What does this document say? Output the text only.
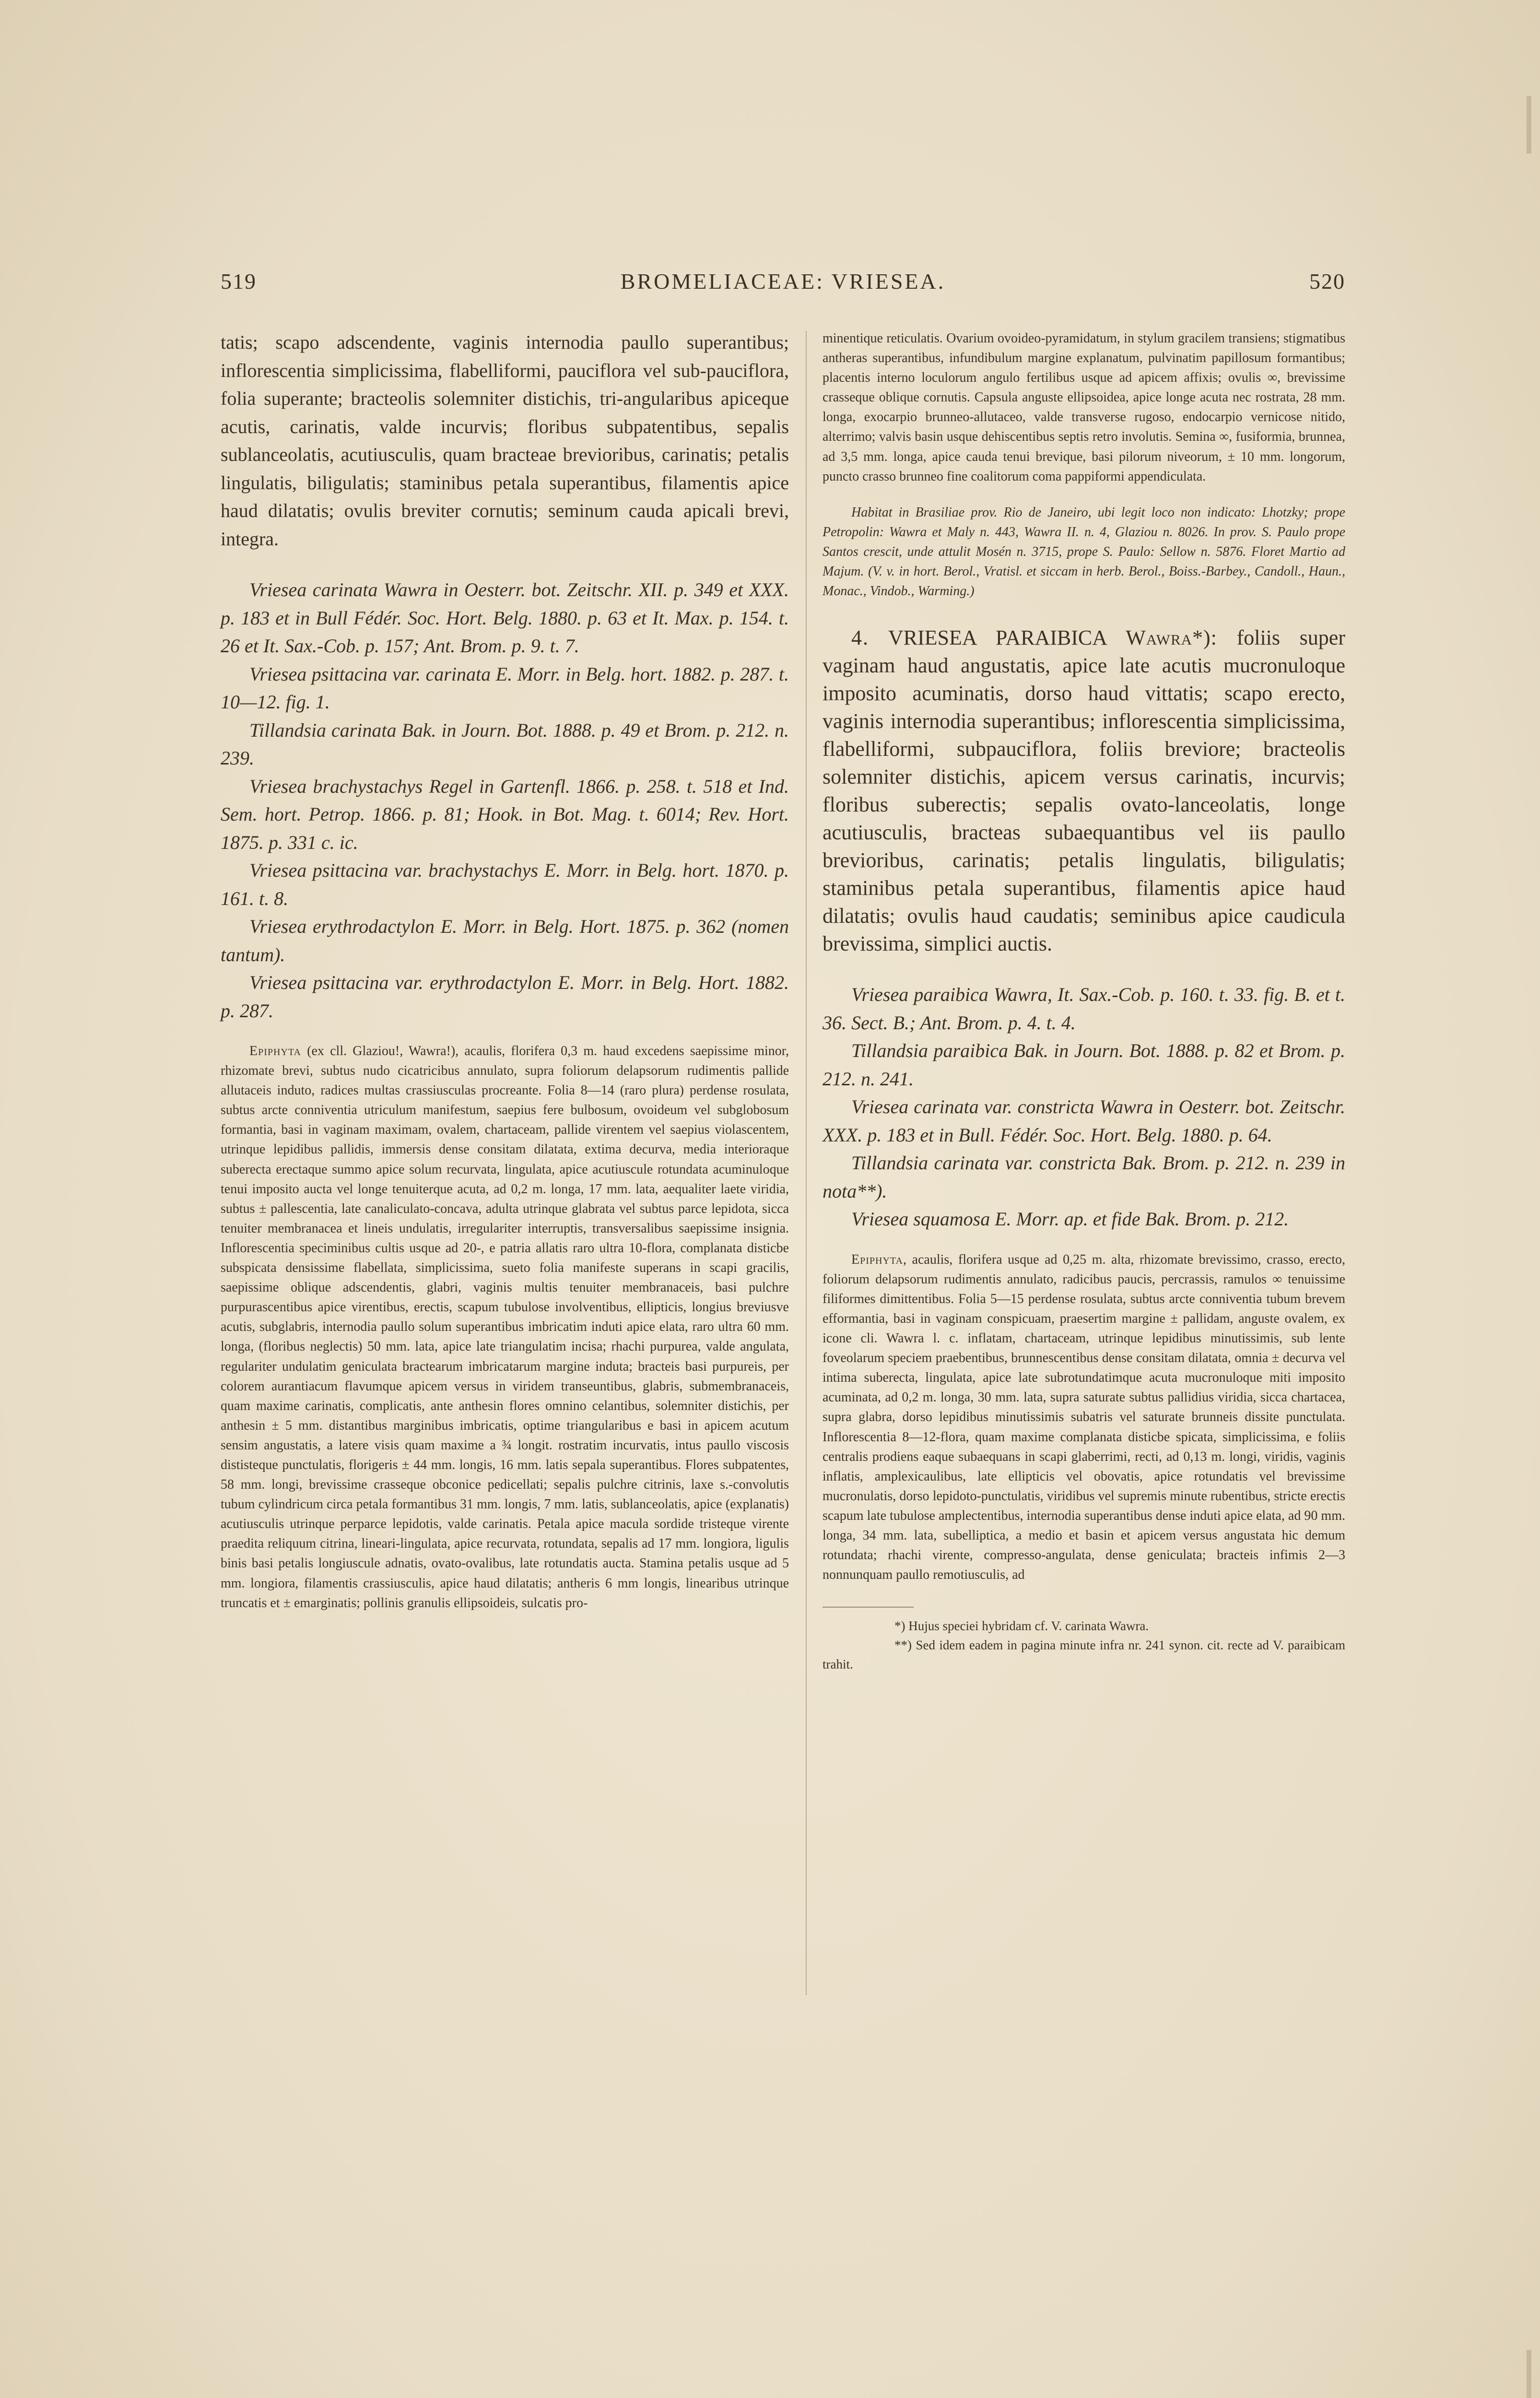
519	BROMELIACEAE: VRIESEA.	520

tatis; scapo adscendente, vaginis internodia paullo superantibus; inflorescentia simplicissima, flabelliformi, pauciflora vel sub-pauciflora, folia superante; bracteolis solemniter distichis, tri-angularibus apiceque acutis, carinatis, valde incurvis; floribus subpatentibus, sepalis sublanceolatis, acutiusculis, quam bracteae brevioribus, carinatis; petalis lingulatis, biligulatis; staminibus petala superantibus, filamentis apice haud dilatatis; ovulis breviter cornutis; seminum cauda apicali brevi, integra.

Vriesea carinata Wawra in Oesterr. bot. Zeitschr. XII. p. 349 et XXX. p. 183 et in Bull Fédér. Soc. Hort. Belg. 1880. p. 63 et It. Max. p. 154. t. 26 et It. Sax.-Cob. p. 157; Ant. Brom. p. 9. t. 7.

Vriesea psittacina var. carinata E. Morr. in Belg. hort. 1882. p. 287. t. 10—12. fig. 1.

Tillandsia carinata Bak. in Journ. Bot. 1888. p. 49 et Brom. p. 212. n. 239.

Vriesea brachystachys Regel in Gartenfl. 1866. p. 258. t. 518 et Ind. Sem. hort. Petrop. 1866. p. 81; Hook. in Bot. Mag. t. 6014; Rev. Hort. 1875. p. 331 c. ic.

Vriesea psittacina var. brachystachys E. Morr. in Belg. hort. 1870. p. 161. t. 8.

Vriesea erythrodactylon E. Morr. in Belg. Hort. 1875. p. 362 (nomen tantum).

Vriesea psittacina var. erythrodactylon E. Morr. in Belg. Hort. 1882. p. 287.

Epiphyta (ex cll. Glaziou!, Wawra!), acaulis, florifera 0,3 m. haud excedens saepissime minor, rhizomate brevi, subtus nudo cicatricibus annulato, supra foliorum delapsorum rudimentis pallide allutaceis induto, radices multas crassiusculas procreante. Folia 8—14 (raro plura) perdense rosulata, subtus arcte conniventia utriculum manifestum, saepius fere bulbosum, ovoideum vel subglobosum formantia, basi in vaginam maximam, ovalem, chartaceam, pallide virentem vel saepius violascentem, utrinque lepidibus pallidis, immersis dense consitam dilatata, extima decurva, media interioraque suberecta erectaque summo apice solum recurvata, lingulata, apice acutiuscule rotundata acuminuloque tenui imposito aucta vel longe tenuiterque acuta, ad 0,2 m. longa, 17 mm. lata, aequaliter laete viridia, subtus ± pallescentia, late canaliculato-concava, adulta utrinque glabrata vel subtus parce lepidota, sicca tenuiter membranacea et lineis undulatis, irregulariter interruptis, transversalibus saepissime insignia. Inflorescentia speciminibus cultis usque ad 20-, e patria allatis raro ultra 10-flora, complanata disticbe subspicata densissime flabellata, simplicissima, sueto folia manifeste superans in scapi gracilis, saepissime oblique adscendentis, glabri, vaginis multis tenuiter membranaceis, basi pulchre purpurascentibus apice virentibus, erectis, scapum tubulose involventibus, ellipticis, longius breviusve acutis, subglabris, internodia paullo solum superantibus imbricatim induti apice elata, raro ultra 60 mm. longa, (floribus neglectis) 50 mm. lata, apice late triangulatim incisa; rhachi purpurea, valde angulata, regulariter undulatim geniculata bractearum imbricatarum margine induta; bracteis basi purpureis, per colorem aurantiacum flavumque apicem versus in viridem transeuntibus, glabris, submembranaceis, quam maxime carinatis, complicatis, ante anthesin flores omnino celantibus, solemniter distichis, per anthesin ± 5 mm. distantibus marginibus imbricatis, optime triangularibus e basi in apicem acutum sensim angustatis, a latere visis quam maxime a ¾ longit. rostratim incurvatis, intus paullo viscosis dististeque punctulatis, florigeris ± 44 mm. longis, 16 mm. latis sepala superantibus. Flores subpatentes, 58 mm. longi, brevissime crasseque obconice pedicellati; sepalis pulchre citrinis, laxe s.-convolutis tubum cylindricum circa petala formantibus 31 mm. longis, 7 mm. latis, sublanceolatis, apice (explanatis) acutiusculis utrinque perparce lepidotis, valde carinatis. Petala apice macula sordide tristeque virente praedita reliquum citrina, lineari-lingulata, apice recurvata, rotundata, sepalis ad 17 mm. longiora, ligulis binis basi petalis longiuscule adnatis, ovato-ovalibus, late rotundatis aucta. Stamina petalis usque ad 5 mm. longiora, filamentis crassiusculis, apice haud dilatatis; antheris 6 mm longis, linearibus utrinque truncatis et ± emarginatis; pollinis granulis ellipsoideis, sulcatis pro-

minentique reticulatis. Ovarium ovoideo-pyramidatum, in stylum gracilem transiens; stigmatibus antheras superantibus, infundibulum margine explanatum, pulvinatim papillosum formantibus; placentis interno loculorum angulo fertilibus usque ad apicem affixis; ovulis ∞, brevissime crasseque oblique cornutis. Capsula anguste ellipsoidea, apice longe acuta nec rostrata, 28 mm. longa, exocarpio brunneo-allutaceo, valde transverse rugoso, endocarpio vernicose nitido, alterrimo; valvis basin usque dehiscentibus septis retro involutis. Semina ∞, fusiformia, brunnea, ad 3,5 mm. longa, apice cauda tenui brevique, basi pilorum niveorum, ± 10 mm. longorum, puncto crasso brunneo fine coalitorum coma pappiformi appendiculata.

Habitat in Brasiliae prov. Rio de Janeiro, ubi legit loco non indicato: Lhotzky; prope Petropolin: Wawra et Maly n. 443, Wawra II. n. 4, Glaziou n. 8026. In prov. S. Paulo prope Santos crescit, unde attulit Mosén n. 3715, prope S. Paulo: Sellow n. 5876. Floret Martio ad Majum. (V. v. in hort. Berol., Vratisl. et siccam in herb. Berol., Boiss.-Barbey., Candoll., Haun., Monac., Vindob., Warming.)

4. VRIESEA PARAIBICA Wawra*): foliis super vaginam haud angustatis, apice late acutis mucronuloque imposito acuminatis, dorso haud vittatis; scapo erecto, vaginis internodia superantibus; inflorescentia simplicissima, flabelliformi, subpauciflora, foliis breviore; bracteolis solemniter distichis, apicem versus carinatis, incurvis; floribus suberectis; sepalis ovato-lanceolatis, longe acutiusculis, bracteas subaequantibus vel iis paullo brevioribus, carinatis; petalis lingulatis, biligulatis; staminibus petala superantibus, filamentis apice haud dilatatis; ovulis haud caudatis; seminibus apice caudicula brevissima, simplici auctis.

Vriesea paraibica Wawra, It. Sax.-Cob. p. 160. t. 33. fig. B. et t. 36. Sect. B.; Ant. Brom. p. 4. t. 4.

Tillandsia paraibica Bak. in Journ. Bot. 1888. p. 82 et Brom. p. 212. n. 241.

Vriesea carinata var. constricta Wawra in Oesterr. bot. Zeitschr. XXX. p. 183 et in Bull. Fédér. Soc. Hort. Belg. 1880. p. 64.

Tillandsia carinata var. constricta Bak. Brom. p. 212. n. 239 in nota**).

Vriesea squamosa E. Morr. ap. et fide Bak. Brom. p. 212.

Epiphyta, acaulis, florifera usque ad 0,25 m. alta, rhizomate brevissimo, crasso, erecto, foliorum delapsorum rudimentis annulato, radicibus paucis, percrassis, ramulos ∞ tenuissime filiformes dimittentibus. Folia 5—15 perdense rosulata, subtus arcte conniventia tubum brevem efformantia, basi in vaginam conspicuam, praesertim margine ± pallidam, anguste ovalem, ex icone cli. Wawra l. c. inflatam, chartaceam, utrinque lepidibus minutissimis, sub lente foveolarum speciem praebentibus, brunnescentibus dense consitam dilatata, omnia ± decurva vel intima suberecta, lingulata, apice late subrotundatimque acuta mucronuloque miti imposito acuminata, ad 0,2 m. longa, 30 mm. lata, supra saturate subtus pallidius viridia, sicca chartacea, supra glabra, dorso lepidibus minutissimis subatris vel saturate brunneis dissite punctulata. Inflorescentia 8—12-flora, quam maxime complanata disticbe spicata, simplicissima, e foliis centralis prodiens eaque subaequans in scapi glaberrimi, recti, ad 0,13 m. longi, viridis, vaginis inflatis, amplexicaulibus, late ellipticis vel obovatis, apice rotundatis vel brevissime mucronulatis, dorso lepidoto-punctulatis, viridibus vel supremis minute rubentibus, stricte erectis scapum late tubulose amplectentibus, internodia superantibus dense induti apice elata, ad 90 mm. longa, 34 mm. lata, subelliptica, a medio et basin et apicem versus angustata hic demum rotundata; rhachi virente, compresso-angulata, dense geniculata; bracteis infimis 2—3 nonnunquam paullo remotiusculis, ad

*) Hujus speciei hybridam cf. V. carinata Wawra.

**) Sed idem eadem in pagina minute infra nr. 241 synon. cit. recte ad V. paraibicam trahit.
